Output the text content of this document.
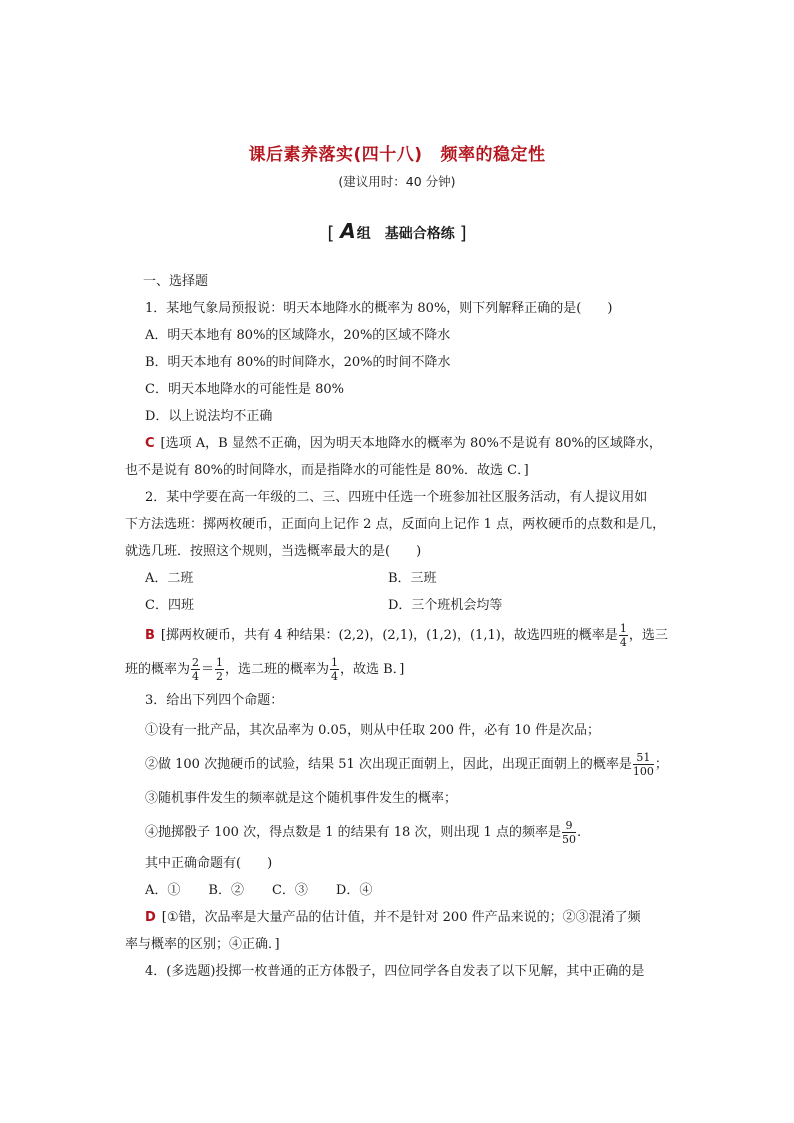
课后素养落实(四十八) 频率的稳定性
(建议用时：40 分钟)
[ A组　基础合格练 ]
一、选择题
1．某地气象局预报说：明天本地降水的概率为 80%，则下列解释正确的是(　　)
A．明天本地有 80%的区域降水，20%的区域不降水
B．明天本地有 80%的时间降水，20%的时间不降水
C．明天本地降水的可能性是 80%
D．以上说法均不正确
C [选项 A，B 显然不正确，因为明天本地降水的概率为 80%不是说有 80%的区域降水，
也不是说有 80%的时间降水，而是指降水的可能性是 80%．故选 C．]
2．某中学要在高一年级的二、三、四班中任选一个班参加社区服务活动，有人提议用如
下方法选班：掷两枚硬币，正面向上记作 2 点，反面向上记作 1 点，两枚硬币的点数和是几，
就选几班．按照这个规则，当选概率最大的是(　　)
A．二班	B．三班
C．四班	D．三个班机会均等
B [掷两枚硬币，共有 4 种结果：(2,2)，(2,1)，(1,2)，(1,1)，故选四班的概率是 $\frac{1}{4}$ ，选三
班的概率为 $\frac{2}{4} = \frac{1}{2}$ ，选二班的概率为 $\frac{1}{4}$ ，故选 B．]
3．给出下列四个命题：
①设有一批产品，其次品率为 0.05，则从中任取 200 件，必有 10 件是次品；
②做 100 次抛硬币的试验，结果 51 次出现正面朝上，因此，出现正面朝上的概率是 $\frac{51}{100}$ ；
③随机事件发生的频率就是这个随机事件发生的概率；
④抛掷骰子 100 次，得点数是 1 的结果有 18 次，则出现 1 点的频率是 $\frac{9}{50}$ .
其中正确命题有(　　)
A．① B．② C．③ D．④
D [①错，次品率是大量产品的估计值，并不是针对 200 件产品来说的；②③混淆了频
率与概率的区别；④正确．]
4．(多选题)投掷一枚普通的正方体骰子，四位同学各自发表了以下见解，其中正确的是
